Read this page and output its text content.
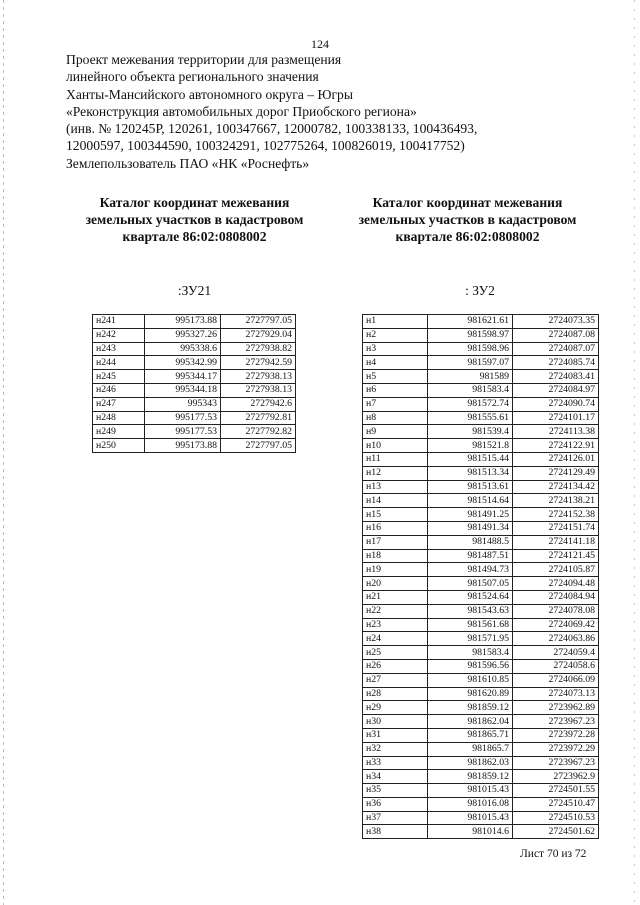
124
Проект межевания территории для размещения
линейного объекта регионального значения
Ханты-Мансийского автономного округа – Югры
«Реконструкция автомобильных дорог Приобского региона»
(инв. № 120245Р, 120261, 100347667, 12000782, 100338133, 100436493,
12000597, 100344590, 100324291, 102775264, 100826019, 100417752)
Землепользователь ПАО «НК «Роснефть»
Каталог координат межевания
земельных участков в кадастровом
квартале 86:02:0808002
:ЗУ21
н241	995173.88	2727797.05
н242	995327.26	2727929.04
н243	995338.6	2727938.82
н244	995342.99	2727942.59
н245	995344.17	2727938.13
н246	995344.18	2727938.13
н247	995343	2727942.6
н248	995177.53	2727792.81
н249	995177.53	2727792.82
н250	995173.88	2727797.05
Каталог координат межевания
земельных участков в кадастровом
квартале 86:02:0808002
: ЗУ2
н1	981621.61	2724073.35
н2	981598.97	2724087.08
н3	981598.96	2724087.07
н4	981597.07	2724085.74
н5	981589	2724083.41
н6	981583.4	2724084.97
н7	981572.74	2724090.74
н8	981555.61	2724101.17
н9	981539.4	2724113.38
н10	981521.8	2724122.91
н11	981515.44	2724126.01
н12	981513.34	2724129.49
н13	981513.61	2724134.42
н14	981514.64	2724138.21
н15	981491.25	2724152.38
н16	981491.34	2724151.74
н17	981488.5	2724141.18
н18	981487.51	2724121.45
н19	981494.73	2724105.87
н20	981507.05	2724094.48
н21	981524.64	2724084.94
н22	981543.63	2724078.08
н23	981561.68	2724069.42
н24	981571.95	2724063.86
н25	981583.4	2724059.4
н26	981596.56	2724058.6
н27	981610.85	2724066.09
н28	981620.89	2724073.13
н29	981859.12	2723962.89
н30	981862.04	2723967.23
н31	981865.71	2723972.28
н32	981865.7	2723972.29
н33	981862.03	2723967.23
н34	981859.12	2723962.9
н35	981015.43	2724501.55
н36	981016.08	2724510.47
н37	981015.43	2724510.53
н38	981014.6	2724501.62
Лист 70 из 72
